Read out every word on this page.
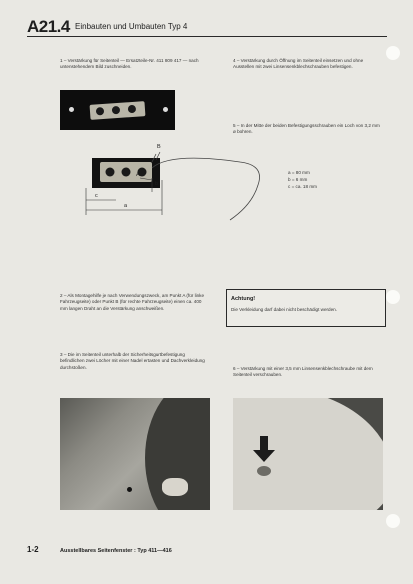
A21.4 Einbauten und Umbauten Typ 4
1 – Verstärkung für Seitenteil — Ersatzteile-Nr. 411 809 417 — nach untenstehendem Bild zuschneiden.
4 – Verstärkung durch Öffnung im Seitenteil einsetzen und ohne Ausstellen mit zwei Linsensenkblechschrauben befestigen.
5 – In der Mitte der beiden Befestigungsschrauben ein Loch von 3,2 mm ø bohren.
B
A
b
c
a
a = 80 mm
b = 6 mm
c = ca. 18 mm
2 – Als Montagehilfe je nach Verwendungszweck, am Punkt A (für linke Fahrzeugseite) oder Punkt B (für rechte Fahrzeugseite) einen ca. 400 mm langen Draht an die Verstärkung anschweißen.
Achtung!
Die Verkleidung darf dabei nicht beschädigt werden.
3 – Die im Seitenteil unterhalb der Sicherheitsgurtbefestigung befindlichen zwei Löcher mit einer Nadel ertasten und Dachverkleidung durchstoßen.	6 – Verstärkung mit einer 3,5 mm Linsensenkblechschraube mit dem Seitenteil verschrauben.
1-2	Ausstellbares Seitenfenster : Typ 411—416
